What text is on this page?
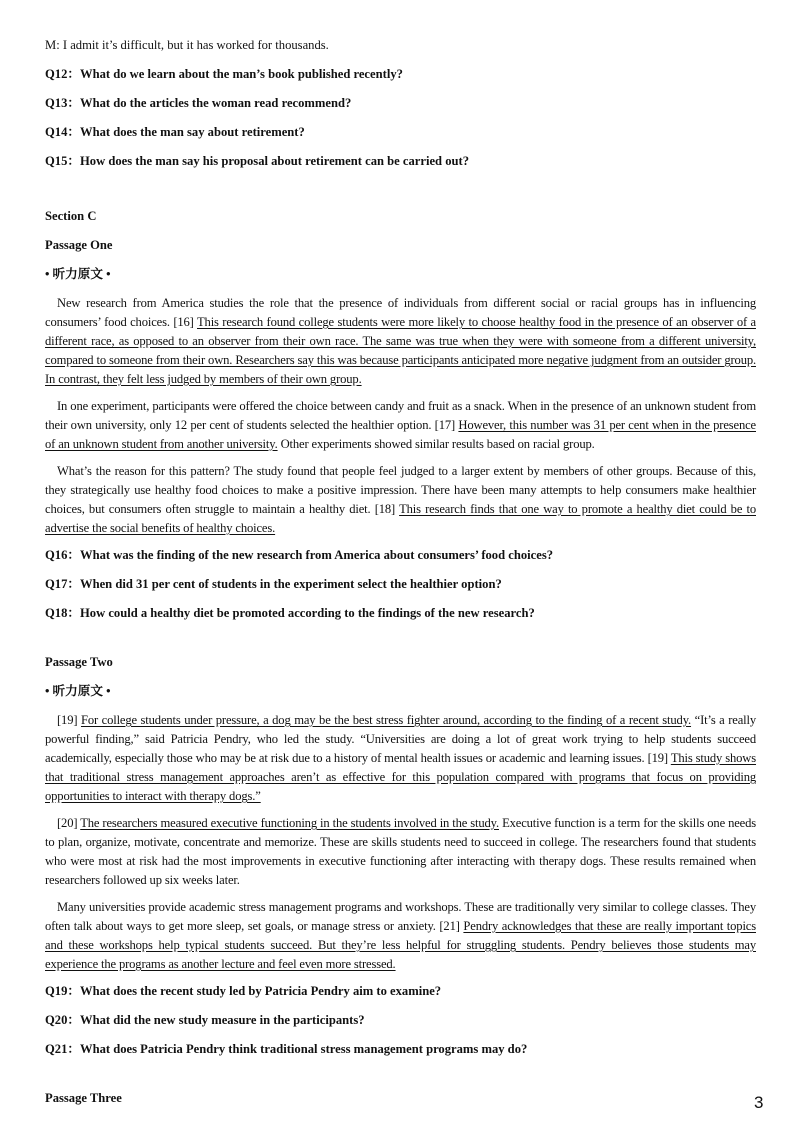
M: I admit it’s difficult, but it has worked for thousands.

Q12：What do we learn about the man’s book published recently?

Q13：What do the articles the woman read recommend?

Q14：What does the man say about retirement?

Q15：How does the man say his proposal about retirement can be carried out?

Section C

Passage One

• 听力原文 •

New research from America studies the role that the presence of individuals from different social or racial groups has in influencing consumers’ food choices. [16] This research found college students were more likely to choose healthy food in the presence of an observer of a different race, as opposed to an observer from their own race. The same was true when they were with someone from a different university, compared to someone from their own. Researchers say this was because participants anticipated more negative judgment from an outsider group. In contrast, they felt less judged by members of their own group.

In one experiment, participants were offered the choice between candy and fruit as a snack. When in the presence of an unknown student from their own university, only 12 per cent of students selected the healthier option. [17] However, this number was 31 per cent when in the presence of an unknown student from another university. Other experiments showed similar results based on racial group.

What’s the reason for this pattern? The study found that people feel judged to a larger extent by members of other groups. Because of this, they strategically use healthy food choices to make a positive impression. There have been many attempts to help consumers make healthier choices, but consumers often struggle to maintain a healthy diet. [18] This research finds that one way to promote a healthy diet could be to advertise the social benefits of healthy choices.

Q16：What was the finding of the new research from America about consumers’ food choices?

Q17：When did 31 per cent of students in the experiment select the healthier option?

Q18：How could a healthy diet be promoted according to the findings of the new research?

Passage Two

• 听力原文 •

[19] For college students under pressure, a dog may be the best stress fighter around, according to the finding of a recent study. “It’s a really powerful finding,” said Patricia Pendry, who led the study. “Universities are doing a lot of great work trying to help students succeed academically, especially those who may be at risk due to a history of mental health issues or academic and learning issues. [19] This study shows that traditional stress management approaches aren’t as effective for this population compared with programs that focus on providing opportunities to interact with therapy dogs.”

[20] The researchers measured executive functioning in the students involved in the study. Executive function is a term for the skills one needs to plan, organize, motivate, concentrate and memorize. These are skills students need to succeed in college. The researchers found that students who were most at risk had the most improvements in executive functioning after interacting with therapy dogs. These results remained when researchers followed up six weeks later.

Many universities provide academic stress management programs and workshops. These are traditionally very similar to college classes. They often talk about ways to get more sleep, set goals, or manage stress or anxiety. [21] Pendry acknowledges that these are really important topics and these workshops help typical students succeed. But they’re less helpful for struggling students. Pendry believes those students may experience the programs as another lecture and feel even more stressed.

Q19：What does the recent study led by Patricia Pendry aim to examine?

Q20：What did the new study measure in the participants?

Q21：What does Patricia Pendry think traditional stress management programs may do?

Passage Three	3
